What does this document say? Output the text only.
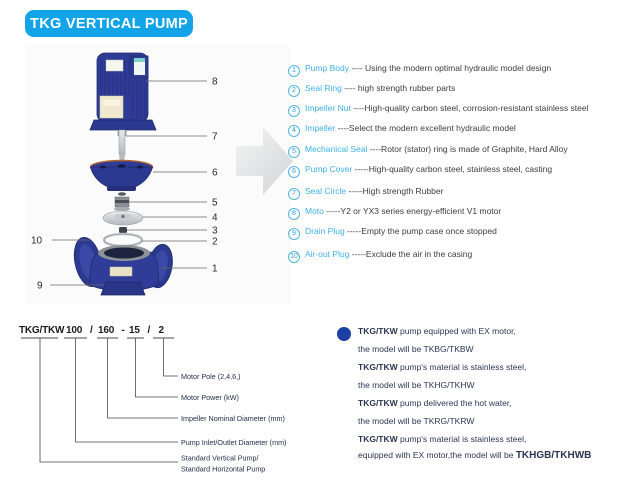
TKG VERTICAL PUMP
8
7
6
5
4
3
2
1
10
9
TKG/TKW 100 / 160 - 15 / 2
Motor Pole (2,4,6,)
Motor Power (kW)
Impeller Nominal Diameter (mm)
Pump Inlet/Outlet Diameter (mm)
Standard Vertical Pump/
Standard Horizontal Pump
1 Pump Body ---- Using the modern optimal hydraulic model design
2 Seal Ring ---- high strength rubber parts
3 Impeller Nut ----High-quality carbon steel, corrosion-resistant stainless steel
4 Impeller ----Select the modern excellent hydraulic model
5 Mechanical Seal ----Rotor (stator) ring is made of Graphite, Hard Alloy
6 Pump Cover -----High-quality carbon steel, stainless steel, casting
7 Seal Circle -----High strength Rubber
8 Moto -----Y2 or YX3 series energy-efficient V1 motor
9 Drain Plug -----Empty the pump case once stopped
10 Air-out Plug -----Exclude the air in the casing
TKG/TKW pump equipped with EX motor,
the model will be TKBG/TKBW
TKG/TKW pump's material is stainless steel,
the model will be TKHG/TKHW
TKG/TKW pump delivered the hot water,
the model will be TKRG/TKRW
TKG/TKW pump's material is stainless steel,
equipped with EX motor,the model will be TKHGB/TKHWB
